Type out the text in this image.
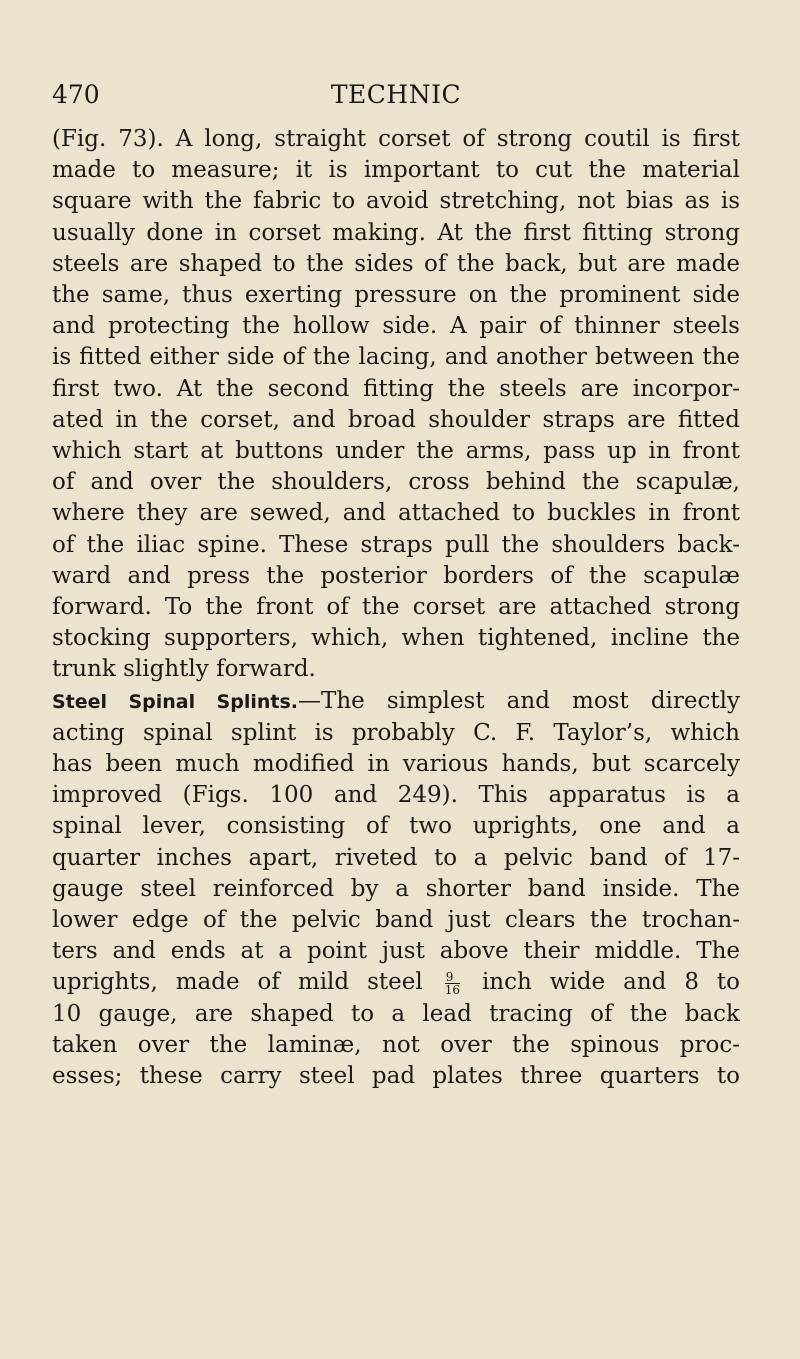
470	TECHNIC
(Fig. 73). A long, straight corset of strong coutil is first
made to measure; it is important to cut the material
square with the fabric to avoid stretching, not bias as is
usually done in corset making. At the first fitting strong
steels are shaped to the sides of the back, but are made
the same, thus exerting pressure on the prominent side
and protecting the hollow side. A pair of thinner steels
is fitted either side of the lacing, and another between the
first two. At the second fitting the steels are incorpor-
ated in the corset, and broad shoulder straps are fitted
which start at buttons under the arms, pass up in front
of and over the shoulders, cross behind the scapulæ,
where they are sewed, and attached to buckles in front
of the iliac spine. These straps pull the shoulders back-
ward and press the posterior borders of the scapulæ
forward. To the front of the corset are attached strong
stocking supporters, which, when tightened, incline the
trunk slightly forward.
Steel Spinal Splints.—The simplest and most directly
acting spinal splint is probably C. F. Taylor’s, which
has been much modified in various hands, but scarcely
improved (Figs. 100 and 249). This apparatus is a
spinal lever, consisting of two uprights, one and a
quarter inches apart, riveted to a pelvic band of 17-
gauge steel reinforced by a shorter band inside. The
lower edge of the pelvic band just clears the trochan-
ters and ends at a point just above their middle. The
uprights, made of mild steel $\frac{9}{16}$ inch wide and 8 to
10 gauge, are shaped to a lead tracing of the back
taken over the laminæ, not over the spinous proc-
esses; these carry steel pad plates three quarters to
